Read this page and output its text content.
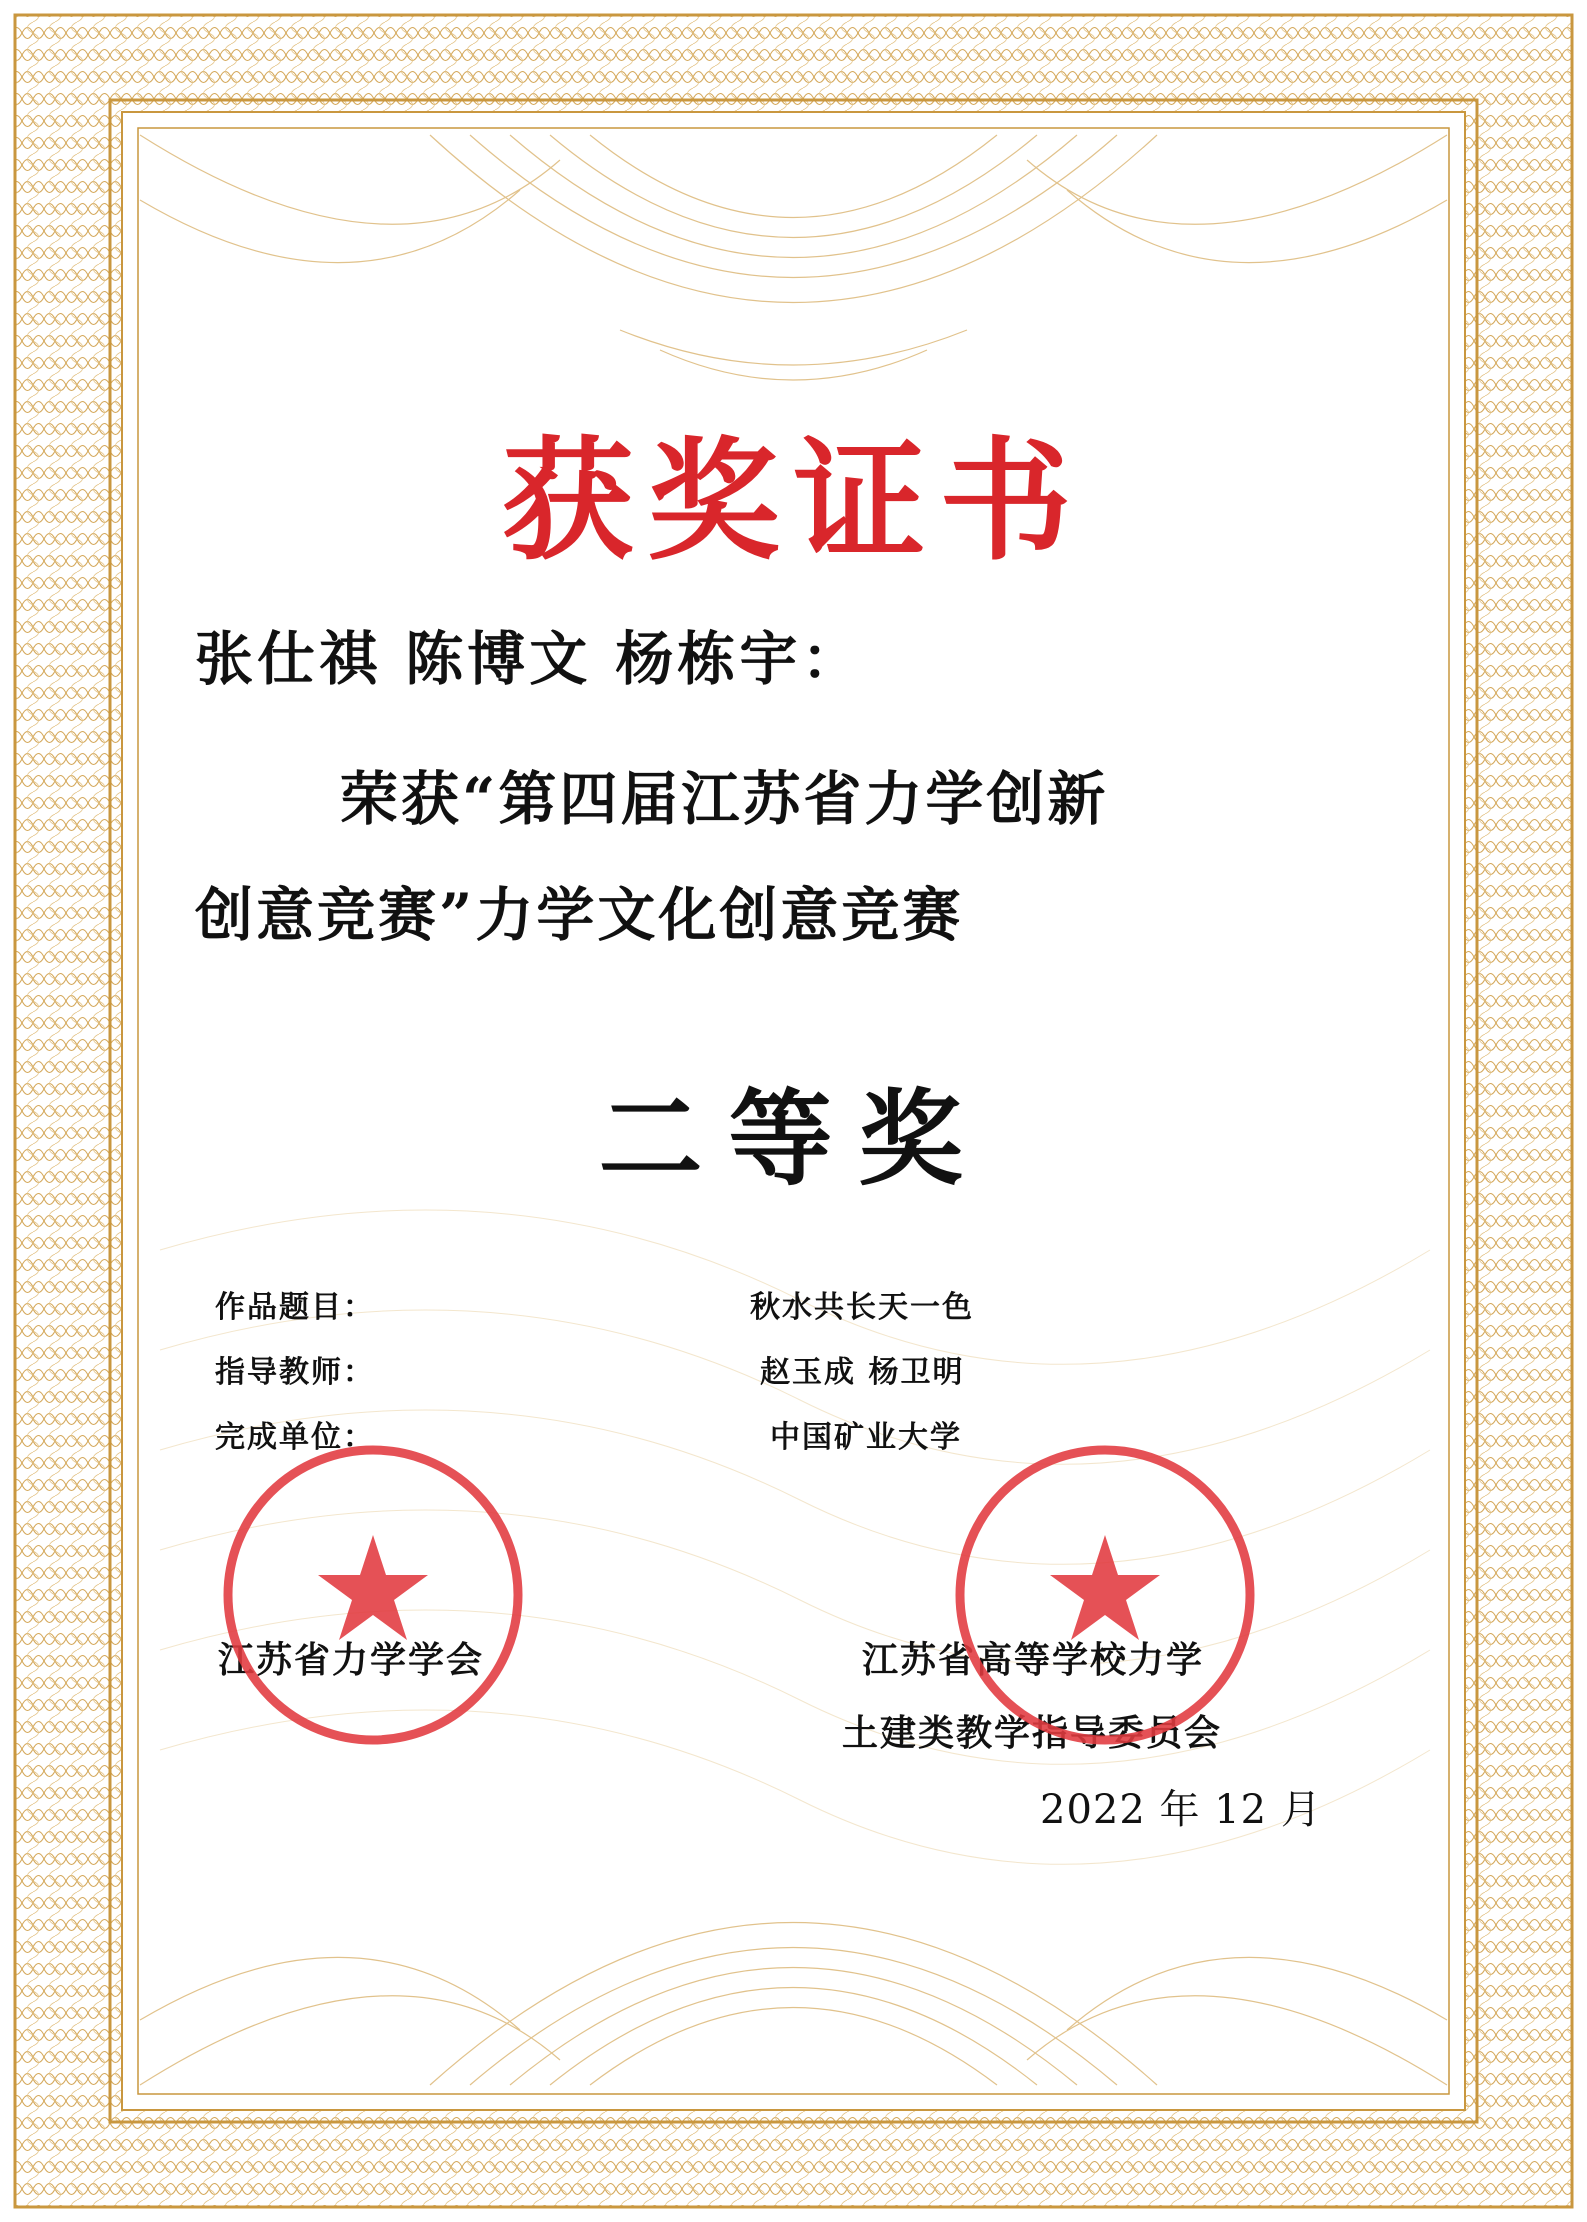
获奖证书
张仕祺 陈博文 杨栋宇：
荣获“第四届江苏省力学创新
创意竞赛”力学文化创意竞赛
二等奖
作品题目：	秋水共长天一色
指导教师：	赵玉成 杨卫明
完成单位：	中国矿业大学
江苏省力学学会	江苏省高等学校力学
土建类教学指导委员会
2022 年 12 月
